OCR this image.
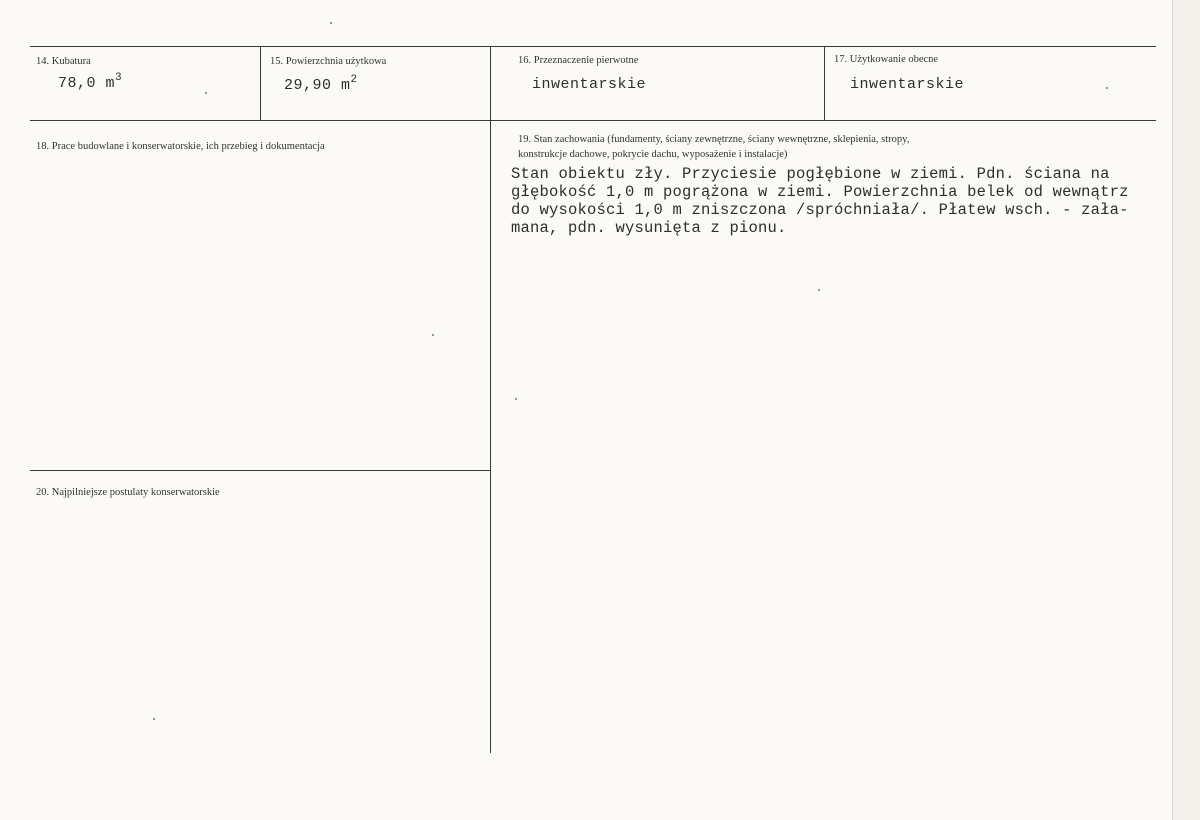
14. Kubatura
78,0 $m^3$
15. Powierzchnia użytkowa
29,90 $m^2$
16. Przeznaczenie pierwotne
inwentarskie
17. Użytkowanie obecne
inwentarskie
18. Prace budowlane i konserwatorskie, ich przebieg i dokumentacja
19. Stan zachowania (fundamenty, ściany zewnętrzne, ściany wewnętrzne, sklepienia, stropy,
konstrukcje dachowe, pokrycie dachu, wyposażenie i instalacje)
Stan obiektu zły. Przyciesie pogłębione w ziemi. Pdn. ściana na
głębokość 1,0 m pogrążona w ziemi. Powierzchnia belek od wewnątrz
do wysokości 1,0 m zniszczona /spróchniała/. Płatew wsch. - zała-
mana, pdn. wysunięta z pionu.
20. Najpilniejsze postulaty konserwatorskie
